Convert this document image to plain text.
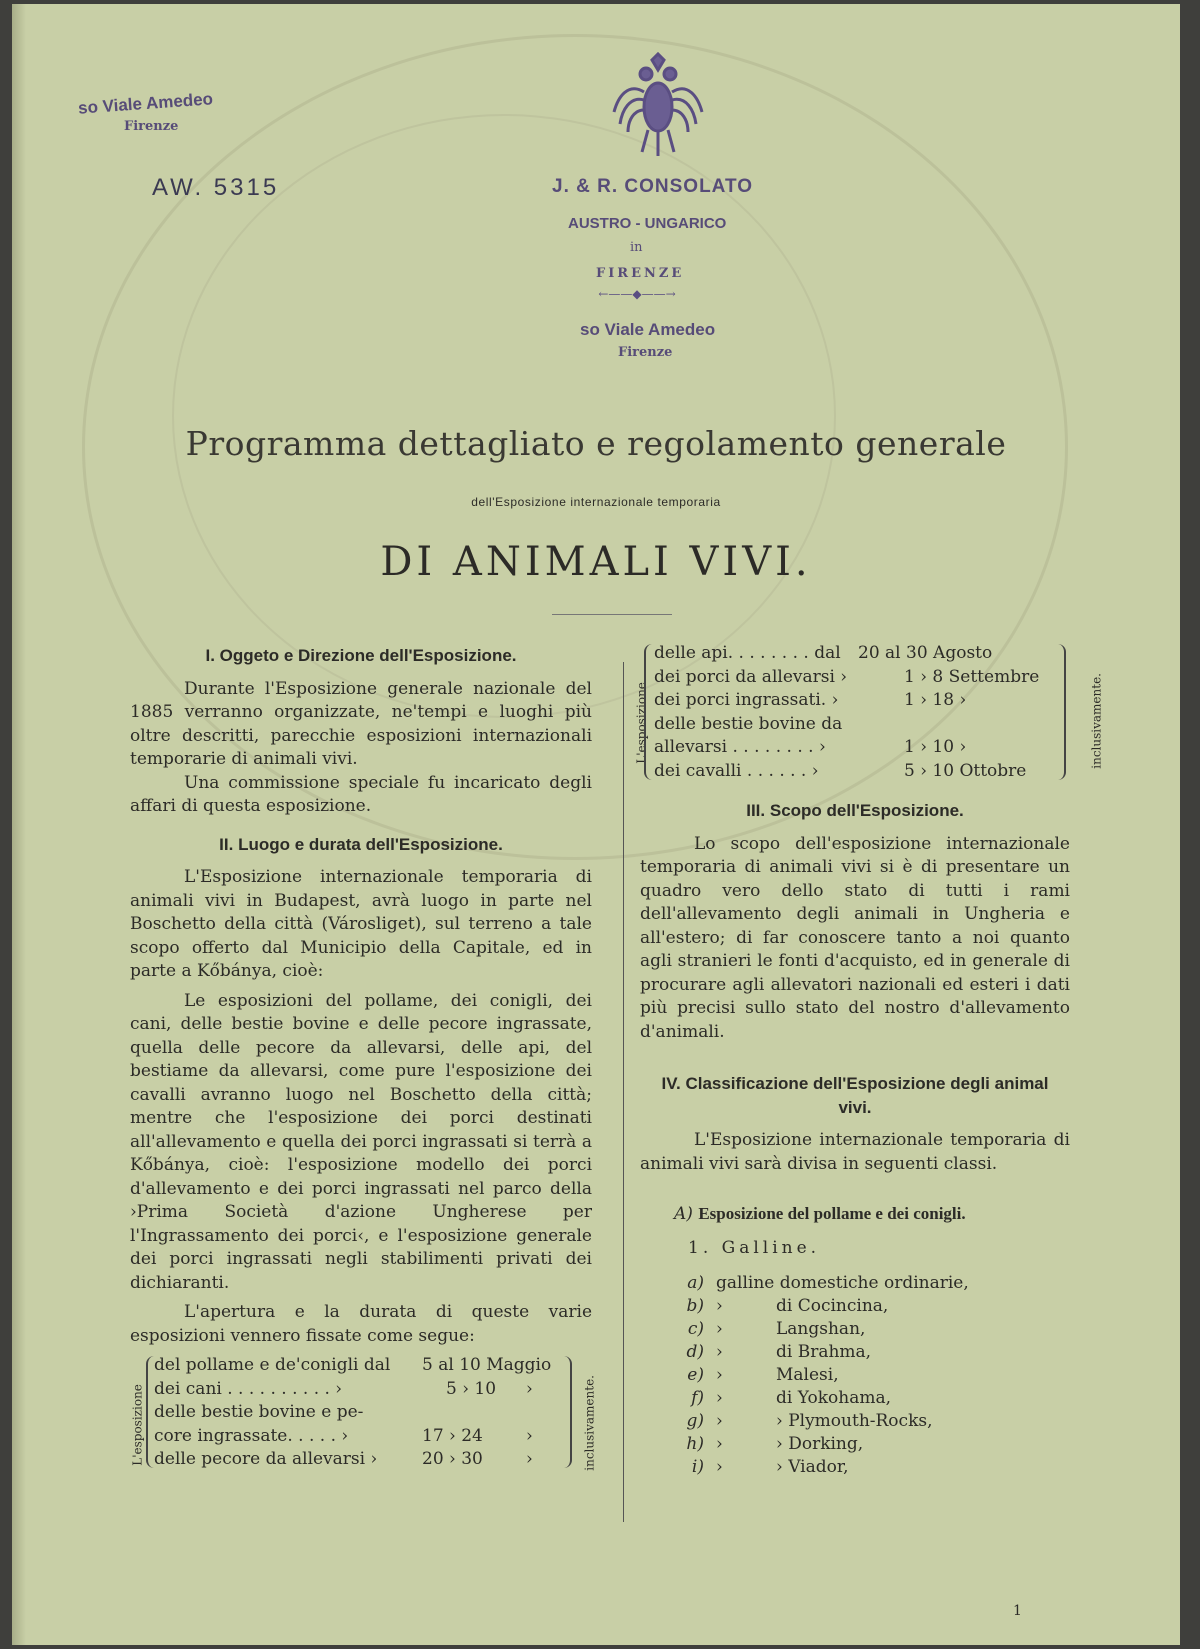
so Viale Amedeo
Firenze
AW. 5315	J. & R. CONSOLATO
AUSTRO - UNGARICO
in
FIRENZE
←——◆——→
so Viale Amedeo
Firenze
Programma dettagliato e regolamento generale
dell'Esposizione internazionale temporaria
DI ANIMALI VIVI.
I. Oggeto e Direzione dell'Esposizione.

Durante l'Esposizione generale nazionale del 1885 verranno organizzate, ne'tempi e luoghi più oltre descritti, parecchie esposizioni internazionali temporarie di animali vivi.

Una commissione speciale fu incaricato degli affari di questa esposizione.

II. Luogo e durata dell'Esposizione.

L'Esposizione internazionale temporaria di animali vivi in Budapest, avrà luogo in parte nel Boschetto della città (Városliget), sul terreno a tale scopo offerto dal Municipio della Capitale, ed in parte a Kőbánya, cioè:

Le esposizioni del pollame, dei conigli, dei cani, delle bestie bovine e delle pecore ingrassate, quella delle pecore da allevarsi, delle api, del bestiame da allevarsi, come pure l'esposizione dei cavalli avranno luogo nel Boschetto della città; mentre che l'esposizione dei porci destinati all'allevamento e quella dei porci ingrassati si terrà a Kőbánya, cioè: l'esposizione modello dei porci d'allevamento e dei porci ingrassati nel parco della ›Prima Società d'azione Ungherese per l'Ingrassamento dei porci‹, e l'esposizione generale dei porci ingrassati negli stabilimenti privati dei dichiaranti.

L'apertura e la durata di queste varie esposizioni vennero fissate come segue:

L'esposizione	inclusivamente.
del pollame e de'conigli dal	5 al 10 Maggio
dei cani . . . . . . . . . . ›	5 › 10	›
delle bestie bovine e pe-
core ingrassate. . . . . ›	17 › 24	›
delle pecore da allevarsi ›	20 › 30	›
L'esposizione	inclusivamente.
delle api. . . . . . . . dal	20 al 30 Agosto
dei porci da allevarsi ›	1 › 8 Settembre
dei porci ingrassati. ›	1 › 18 ›
delle bestie bovine da
allevarsi . . . . . . . . ›	1 › 10 ›
dei cavalli . . . . . . ›	5 › 10 Ottobre
III. Scopo dell'Esposizione.

Lo scopo dell'esposizione internazionale temporaria di animali vivi si è di presentare un quadro vero dello stato di tutti i rami dell'allevamento degli animali in Ungheria e all'estero; di far conoscere tanto a noi quanto agli stranieri le fonti d'acquisto, ed in generale di procurare agli allevatori nazionali ed esteri i dati più precisi sullo stato del nostro d'allevamento d'animali.

IV. Classificazione dell'Esposizione degli animal vivi.

L'Esposizione internazionale temporaria di animali vivi sarà divisa in seguenti classi.

A) Esposizione del pollame e dei conigli.
1. Galline.
a) galline domestiche ordinarie,
b) ›	di Cocincina,
c) ›	Langshan,
d) ›	di Brahma,
e) ›	Malesi,
f) ›	di Yokohama,
g) ›	› Plymouth-Rocks,
h) ›	› Dorking,
i) ›	› Viador,
1
